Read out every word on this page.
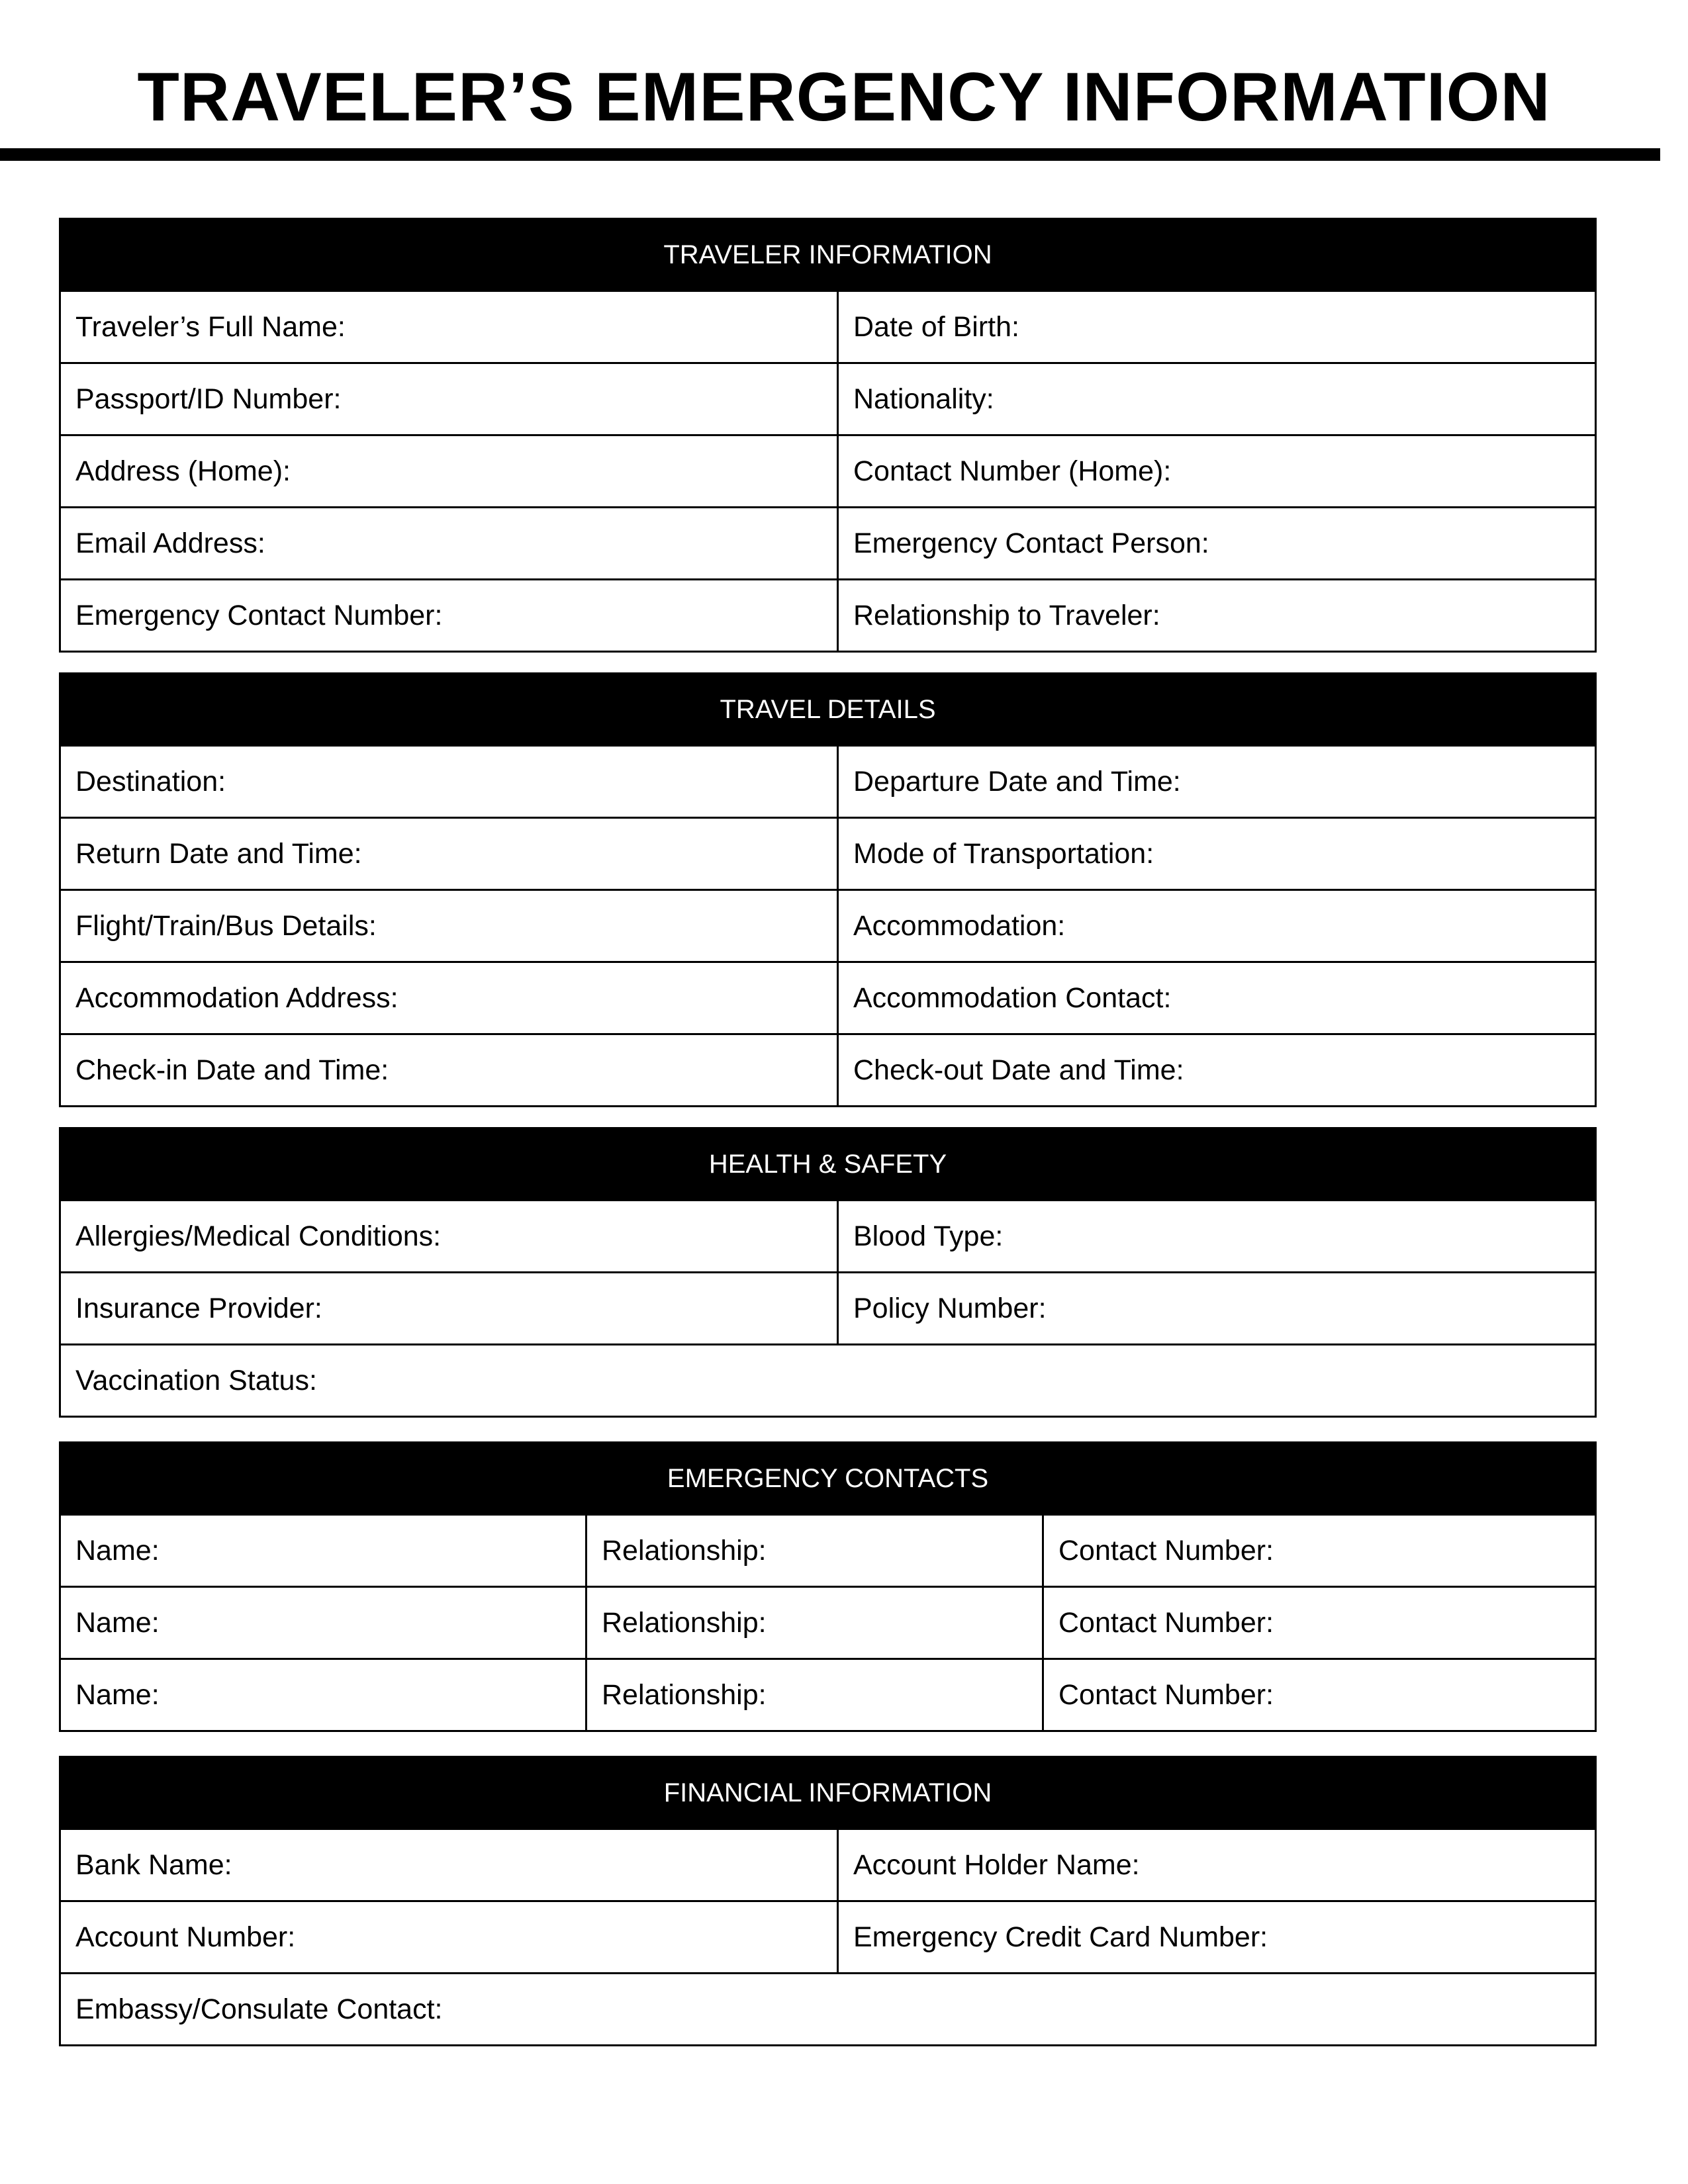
TRAVELER’S EMERGENCY INFORMATION
TRAVELER INFORMATION	
Traveler’s Full Name:	Date of Birth:
Passport/ID Number:	Nationality:
Address (Home):	Contact Number (Home):
Email Address:	Emergency Contact Person:
Emergency Contact Number:	Relationship to Traveler:
TRAVEL DETAILS	
Destination:	Departure Date and Time:
Return Date and Time:	Mode of Transportation:
Flight/Train/Bus Details:	Accommodation:
Accommodation Address:	Accommodation Contact:
Check-in Date and Time:	Check-out Date and Time:
HEALTH & SAFETY	
Allergies/Medical Conditions:	Blood Type:
Insurance Provider:	Policy Number:
Vaccination Status:	
EMERGENCY CONTACTS		
Name:	Relationship:	Contact Number:
Name:	Relationship:	Contact Number:
Name:	Relationship:	Contact Number:
FINANCIAL INFORMATION	
Bank Name:	Account Holder Name:
Account Number:	Emergency Credit Card Number:
Embassy/Consulate Contact:	
